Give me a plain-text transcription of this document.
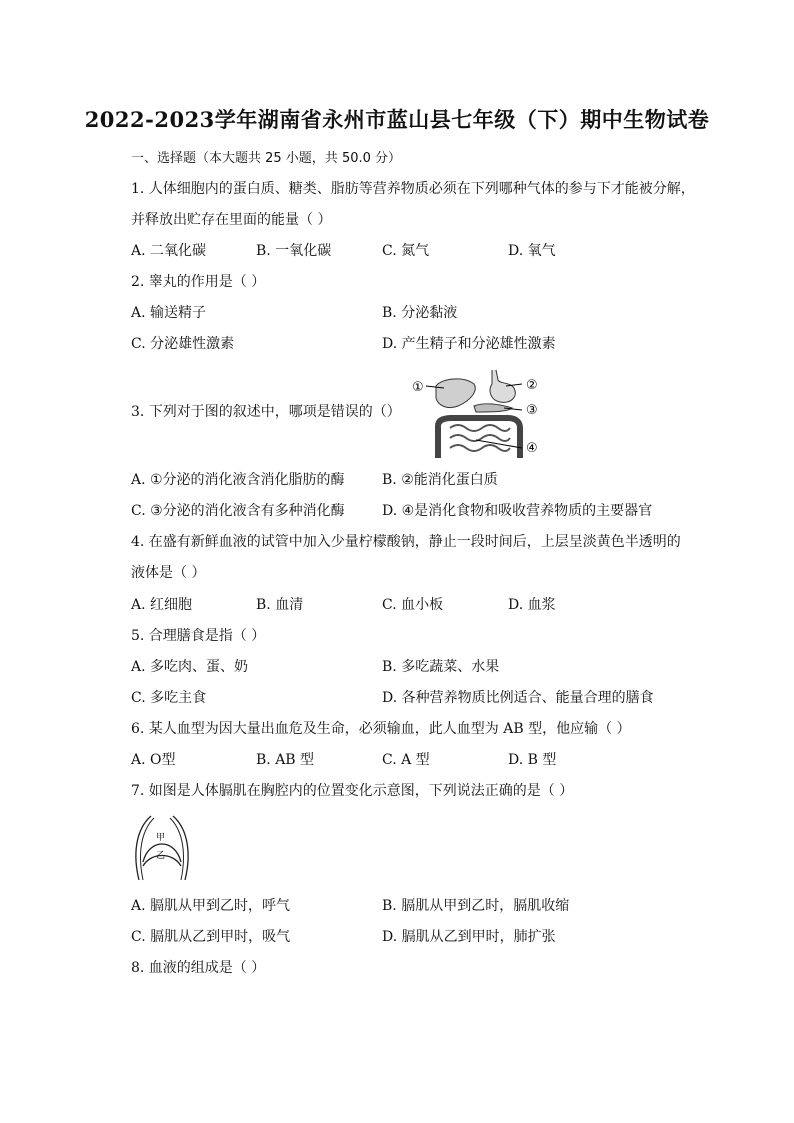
2022-2023学年湖南省永州市蓝山县七年级（下）期中生物试卷
一、选择题（本大题共 25 小题，共 50.0 分）
1. 人体细胞内的蛋白质、糖类、脂肪等营养物质必须在下列哪种气体的参与下才能被分解，
并释放出贮存在里面的能量（ ）
A. 二氧化碳	B. 一氧化碳	C. 氮气	D. 氧气
2. 睾丸的作用是（ ）
A. 输送精子	B. 分泌黏液
C. 分泌雄性激素	D. 产生精子和分泌雄性激素
3. 下列对于图的叙述中，哪项是错误的（）
①	②
③
④
A. ①分泌的消化液含消化脂肪的酶	B. ②能消化蛋白质
C. ③分泌的消化液含有多种消化酶	D. ④是消化食物和吸收营养物质的主要器官
4. 在盛有新鲜血液的试管中加入少量柠檬酸钠，静止一段时间后，上层呈淡黄色半透明的
液体是（ ）
A. 红细胞	B. 血清	C. 血小板	D. 血浆
5. 合理膳食是指（ ）
A. 多吃肉、蛋、奶	B. 多吃蔬菜、水果
C. 多吃主食	D. 各种营养物质比例适合、能量合理的膳食
6. 某人血型为因大量出血危及生命，必须输血，此人血型为 AB 型，他应输（ ）
A. O型	B. AB 型	C. A 型	D. B 型
7. 如图是人体膈肌在胸腔内的位置变化示意图，下列说法正确的是（ ）
甲
乙
A. 膈肌从甲到乙时，呼气	B. 膈肌从甲到乙时，膈肌收缩
C. 膈肌从乙到甲时，吸气	D. 膈肌从乙到甲时，肺扩张
8. 血液的组成是（ ）
